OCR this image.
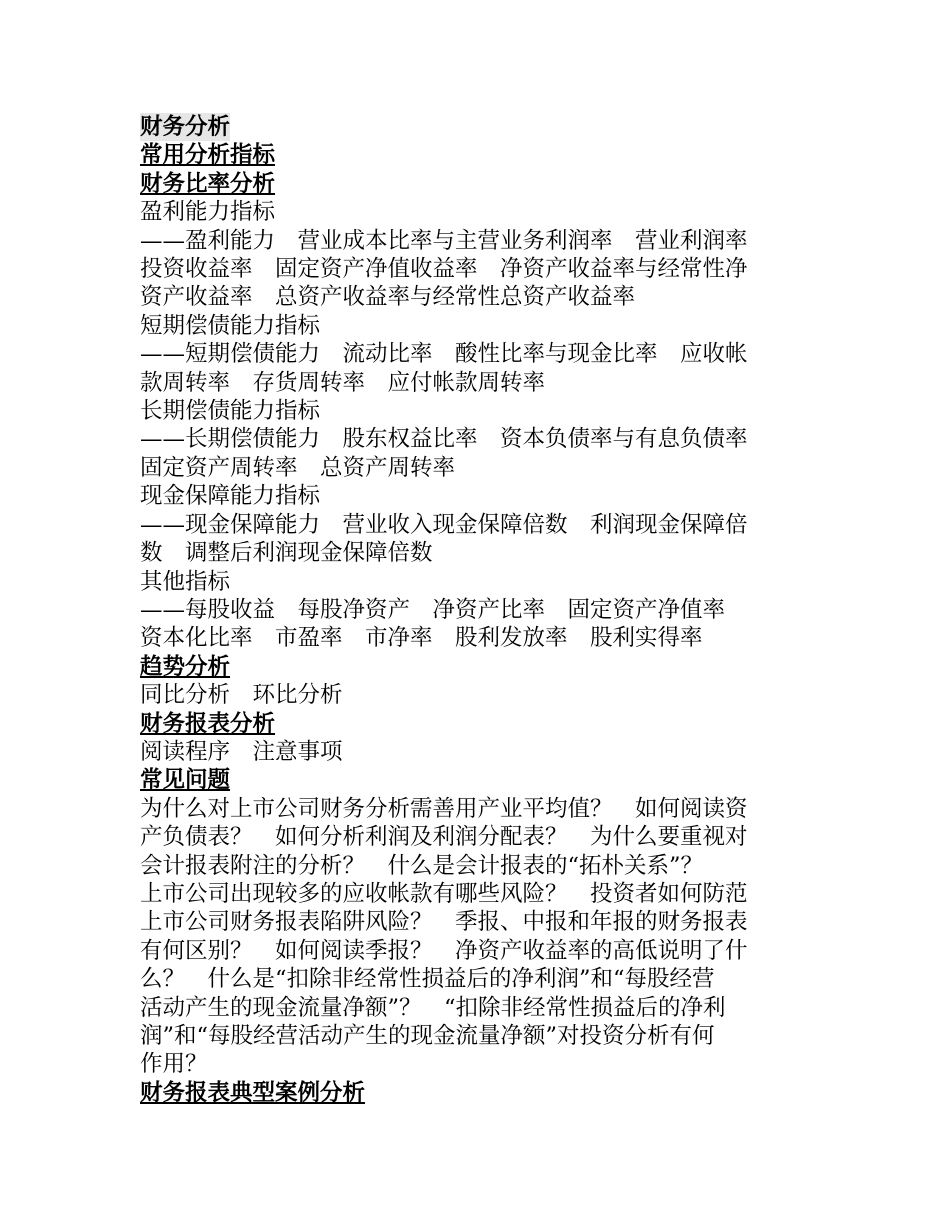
财务分析
常用分析指标
财务比率分析
盈利能力指标
——盈利能力　营业成本比率与主营业务利润率　营业利润率
投资收益率　固定资产净值收益率　净资产收益率与经常性净
资产收益率　总资产收益率与经常性总资产收益率
短期偿债能力指标
——短期偿债能力　流动比率　酸性比率与现金比率　应收帐
款周转率　存货周转率　应付帐款周转率
长期偿债能力指标
——长期偿债能力　股东权益比率　资本负债率与有息负债率
固定资产周转率　总资产周转率
现金保障能力指标
——现金保障能力　营业收入现金保障倍数　利润现金保障倍
数　调整后利润现金保障倍数
其他指标
——每股收益　每股净资产　净资产比率　固定资产净值率
资本化比率　市盈率　市净率　股利发放率　股利实得率
趋势分析
同比分析　环比分析
财务报表分析
阅读程序　注意事项
常见问题
为什么对上市公司财务分析需善用产业平均值？　如何阅读资
产负债表？　如何分析利润及利润分配表？　为什么要重视对
会计报表附注的分析？　什么是会计报表的“拓朴关系”？
上市公司出现较多的应收帐款有哪些风险？　投资者如何防范
上市公司财务报表陷阱风险？　季报、中报和年报的财务报表
有何区别？　如何阅读季报？　净资产收益率的高低说明了什
么？　什么是“扣除非经常性损益后的净利润”和“每股经营
活动产生的现金流量净额”？　“扣除非经常性损益后的净利
润”和“每股经营活动产生的现金流量净额”对投资分析有何
作用？
财务报表典型案例分析
